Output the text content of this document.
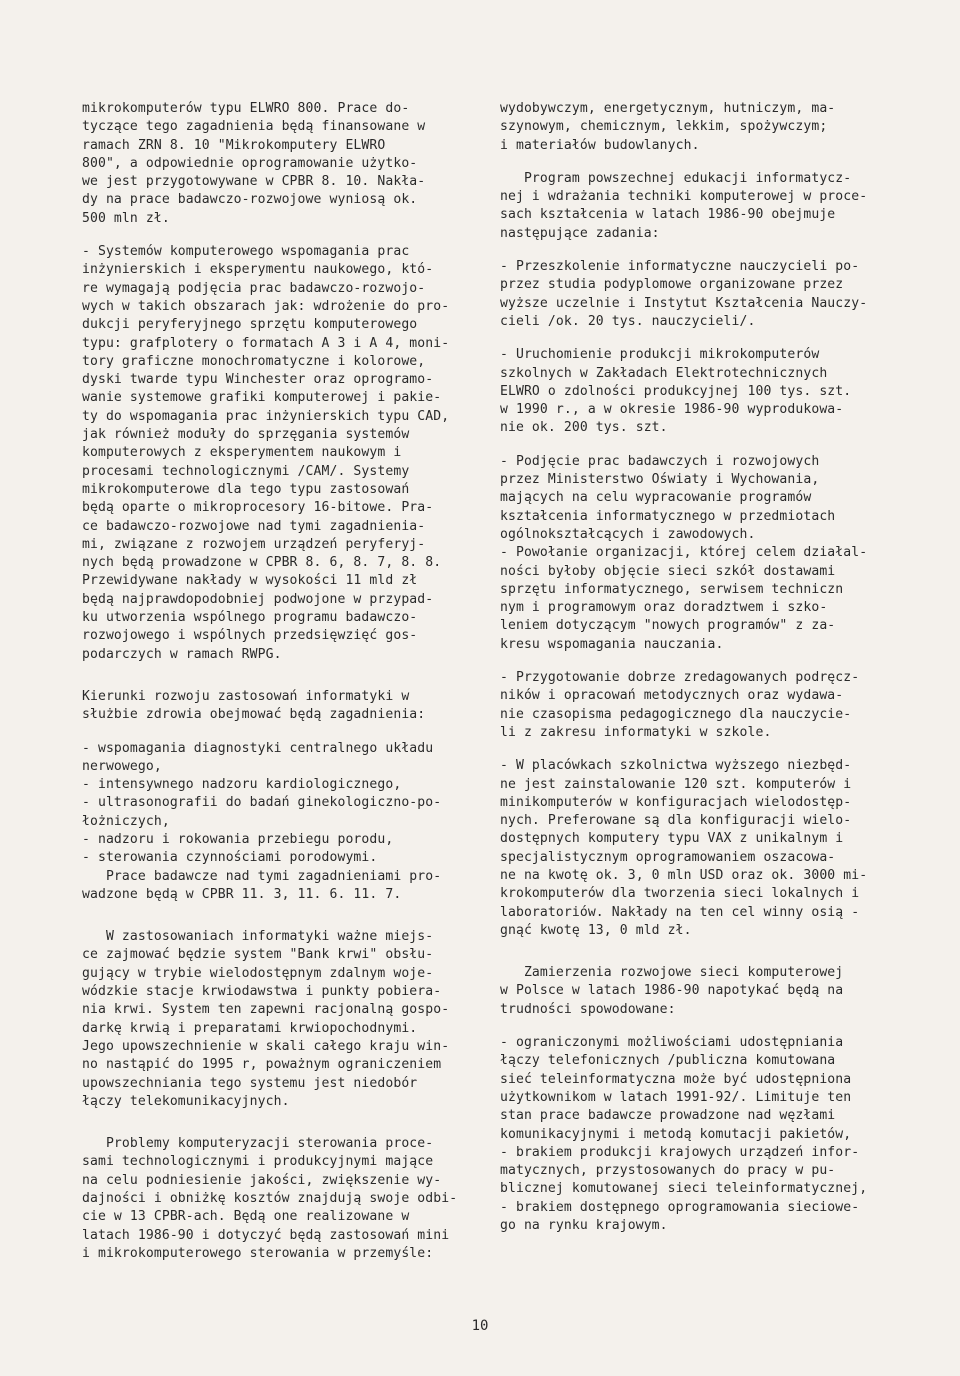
mikrokomputerów typu ELWRO 800. Prace do-
tyczące tego zagadnienia będą finansowane w
ramach ZRN 8. 10 "Mikrokomputery ELWRO
800", a odpowiednie oprogramowanie użytko-
we jest przygotowywane w CPBR 8. 10. Nakła-
dy na prace badawczo-rozwojowe wyniosą ok.
500 mln zł.

- Systemów komputerowego wspomagania prac
inżynierskich i eksperymentu naukowego, któ-
re wymagają podjęcia prac badawczo-rozwojo-
wych w takich obszarach jak: wdrożenie do pro-
dukcji peryferyjnego sprzętu komputerowego
typu: grafplotery o formatach A 3 i A 4, moni-
tory graficzne monochromatyczne i kolorowe,
dyski twarde typu Winchester oraz oprogramo-
wanie systemowe grafiki komputerowej i pakie-
ty do wspomagania prac inżynierskich typu CAD,
jak również moduły do sprzęgania systemów
komputerowych z eksperymentem naukowym i
procesami technologicznymi /CAM/. Systemy
mikrokomputerowe dla tego typu zastosowań
będą oparte o mikroprocesory 16-bitowe. Pra-
ce badawczo-rozwojowe nad tymi zagadnienia-
mi, związane z rozwojem urządzeń peryferyj-
nych będą prowadzone w CPBR 8. 6, 8. 7, 8. 8.
Przewidywane nakłady w wysokości 11 mld zł
będą najprawdopodobniej podwojone w przypad-
ku utworzenia wspólnego programu badawczo-
rozwojowego i wspólnych przedsięwzięć gos-
podarczych w ramach RWPG.

Kierunki rozwoju zastosowań informatyki w
służbie zdrowia obejmować będą zagadnienia:

- wspomagania diagnostyki centralnego układu
nerwowego,
- intensywnego nadzoru kardiologicznego,
- ultrasonografii do badań ginekologiczno-po-
łożniczych,
- nadzoru i rokowania przebiegu porodu,
- sterowania czynnościami porodowymi.
Prace badawcze nad tymi zagadnieniami pro-
wadzone będą w CPBR 11. 3, 11. 6. 11. 7.

W zastosowaniach informatyki ważne miejs-
ce zajmować będzie system "Bank krwi" obsłu-
gujący w trybie wielodostępnym zdalnym woje-
wódzkie stacje krwiodawstwa i punkty pobiera-
nia krwi. System ten zapewni racjonalną gospo-
darkę krwią i preparatami krwiopochodnymi.
Jego upowszechnienie w skali całego kraju win-
no nastąpić do 1995 r, poważnym ograniczeniem
upowszechniania tego systemu jest niedobór
łączy telekomunikacyjnych.

Problemy komputeryzacji sterowania proce-
sami technologicznymi i produkcyjnymi mające
na celu podniesienie jakości, zwiększenie wy-
dajności i obniżkę kosztów znajdują swoje odbi-
cie w 13 CPBR-ach. Będą one realizowane w
latach 1986-90 i dotyczyć będą zastosowań mini
i mikrokomputerowego sterowania w przemyśle:

wydobywczym, energetycznym, hutniczym, ma-
szynowym, chemicznym, lekkim, spożywczym;
i materiałów budowlanych.

Program powszechnej edukacji informatycz-
nej i wdrażania techniki komputerowej w proce-
sach kształcenia w latach 1986-90 obejmuje
następujące zadania:

- Przeszkolenie informatyczne nauczycieli po-
przez studia podyplomowe organizowane przez
wyższe uczelnie i Instytut Kształcenia Nauczy-
cieli /ok. 20 tys. nauczycieli/.

- Uruchomienie produkcji mikrokomputerów
szkolnych w Zakładach Elektrotechnicznych
ELWRO o zdolności produkcyjnej 100 tys. szt.
w 1990 r., a w okresie 1986-90 wyprodukowa-
nie ok. 200 tys. szt.

- Podjęcie prac badawczych i rozwojowych
przez Ministerstwo Oświaty i Wychowania,
mających na celu wypracowanie programów
kształcenia informatycznego w przedmiotach
ogólnokształcących i zawodowych.
- Powołanie organizacji, której celem działal-
ności byłoby objęcie sieci szkół dostawami
sprzętu informatycznego, serwisem techniczn
nym i programowym oraz doradztwem i szko-
leniem dotyczącym "nowych programów" z za-
kresu wspomagania nauczania.

- Przygotowanie dobrze zredagowanych podręcz-
ników i opracowań metodycznych oraz wydawa-
nie czasopisma pedagogicznego dla nauczycie-
li z zakresu informatyki w szkole.

- W placówkach szkolnictwa wyższego niezbęd-
ne jest zainstalowanie 120 szt. komputerów i
minikomputerów w konfiguracjach wielodostęp-
nych. Preferowane są dla konfiguracji wielo-
dostępnych komputery typu VAX z unikalnym i
specjalistycznym oprogramowaniem oszacowa-
ne na kwotę ok. 3, 0 mln USD oraz ok. 3000 mi-
krokomputerów dla tworzenia sieci lokalnych i
laboratoriów. Nakłady na ten cel winny osią -
gnąć kwotę 13, 0 mld zł.

Zamierzenia rozwojowe sieci komputerowej
w Polsce w latach 1986-90 napotykać będą na
trudności spowodowane:

- ograniczonymi możliwościami udostępniania
łączy telefonicznych /publiczna komutowana
sieć teleinformatyczna może być udostępniona
użytkownikom w latach 1991-92/. Limituje ten
stan prace badawcze prowadzone nad węzłami
komunikacyjnymi i metodą komutacji pakietów,
- brakiem produkcji krajowych urządzeń infor-
matycznych, przystosowanych do pracy w pu-
blicznej komutowanej sieci teleinformatycznej,
- brakiem dostępnego oprogramowania sieciowe-
go na rynku krajowym.

10
